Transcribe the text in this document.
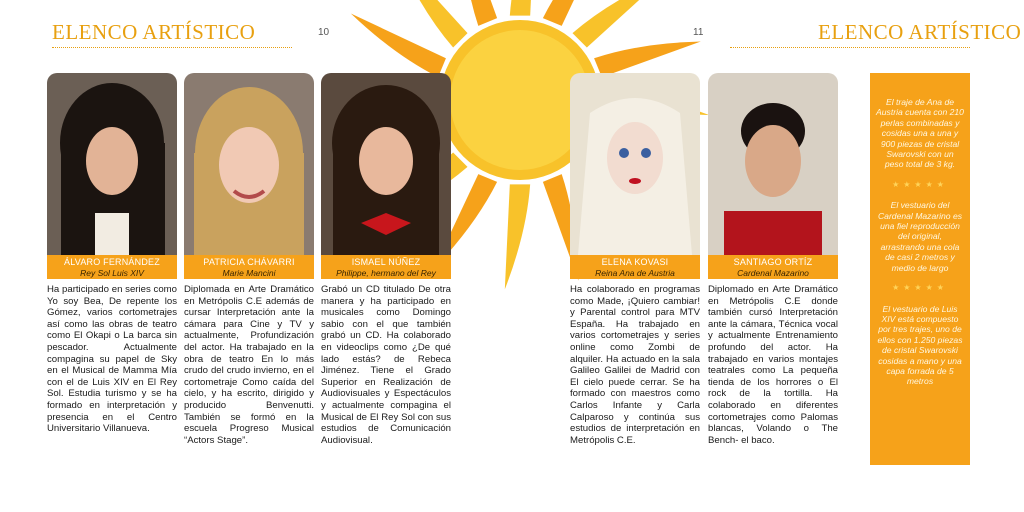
ELENCO ARTÍSTICO	10	11	ELENCO ARTÍSTICO
ÁLVARO FERNÁNDEZ
Rey Sol Luis XIV
Ha participado en series como Yo soy Bea, De repente los Gómez, varios cortometrajes así como las obras de teatro como El Okapi o La barca sin pescador. Actualmente compagina su papel de Sky en el Musical de Mamma Mía con el de Luis XIV en El Rey Sol. Estudia turismo y se ha formado en interpretación y presencia en el Centro Universitario Villanueva.
PATRICIA CHÁVARRI
Marie Mancini
Diplomada en Arte Dramático en Metrópolis C.E además de cursar Interpretación ante la cámara para Cine y TV y actualmente, Profundización del actor. Ha trabajado en la obra de teatro En lo más crudo del crudo invierno, en el cortometraje Como caída del cielo, y ha escrito, dirigido y producido Benvenutti. También se formó en la escuela Progreso Musical “Actors Stage”.
ISMAEL NÚÑEZ
Philippe, hermano del Rey
Grabó un CD titulado De otra manera y ha participado en musicales como Domingo sabio con el que también grabó un CD. Ha colaborado en videoclips como ¿De qué lado estás? de Rebeca Jiménez. Tiene el Grado Superior en Realización de Audiovisuales y Espectáculos y actualmente compagina el Musical de El Rey Sol con sus estudios de Comunicación Audiovisual.
ELENA KOVASI
Reina Ana de Austria
Ha colaborado en programas como Made, ¡Quiero cambiar! y Parental control para MTV España. Ha trabajado en varios cortometrajes y series online como Zombi de alquiler. Ha actuado en la sala Galileo Galilei de Madrid con El cielo puede cerrar. Se ha formado con maestros como Carlos Infante y Carla Calparoso y continúa sus estudios de interpretación en Metrópolis C.E.
SANTIAGO ORTÍZ
Cardenal Mazarino
Diplomado en Arte Dramático en Metrópolis C.E donde también cursó Interpretación ante la cámara, Técnica vocal y actualmente Entrenamiento profundo del actor. Ha trabajado en varios montajes teatrales como La pequeña tienda de los horrores o El rock de la tortilla. Ha colaborado en diferentes cortometrajes como Palomas blancas, Volando o The Bench- el baco.

El traje de Ana de Austria cuenta con 210 perlas combinadas y cosidas una a una y 900 piezas de cristal Swarovski con un peso total de 3 kg.

★★★★★

El vestuario del Cardenal Mazarino es una fiel reproducción del original, arrastrando una cola de casi 2 metros y medio de largo

★★★★★

El vestuario de Luis XIV está compuesto por tres trajes, uno de ellos con 1.250 piezas de cristal Swarovski cosidas a mano y una capa forrada de 5 metros
